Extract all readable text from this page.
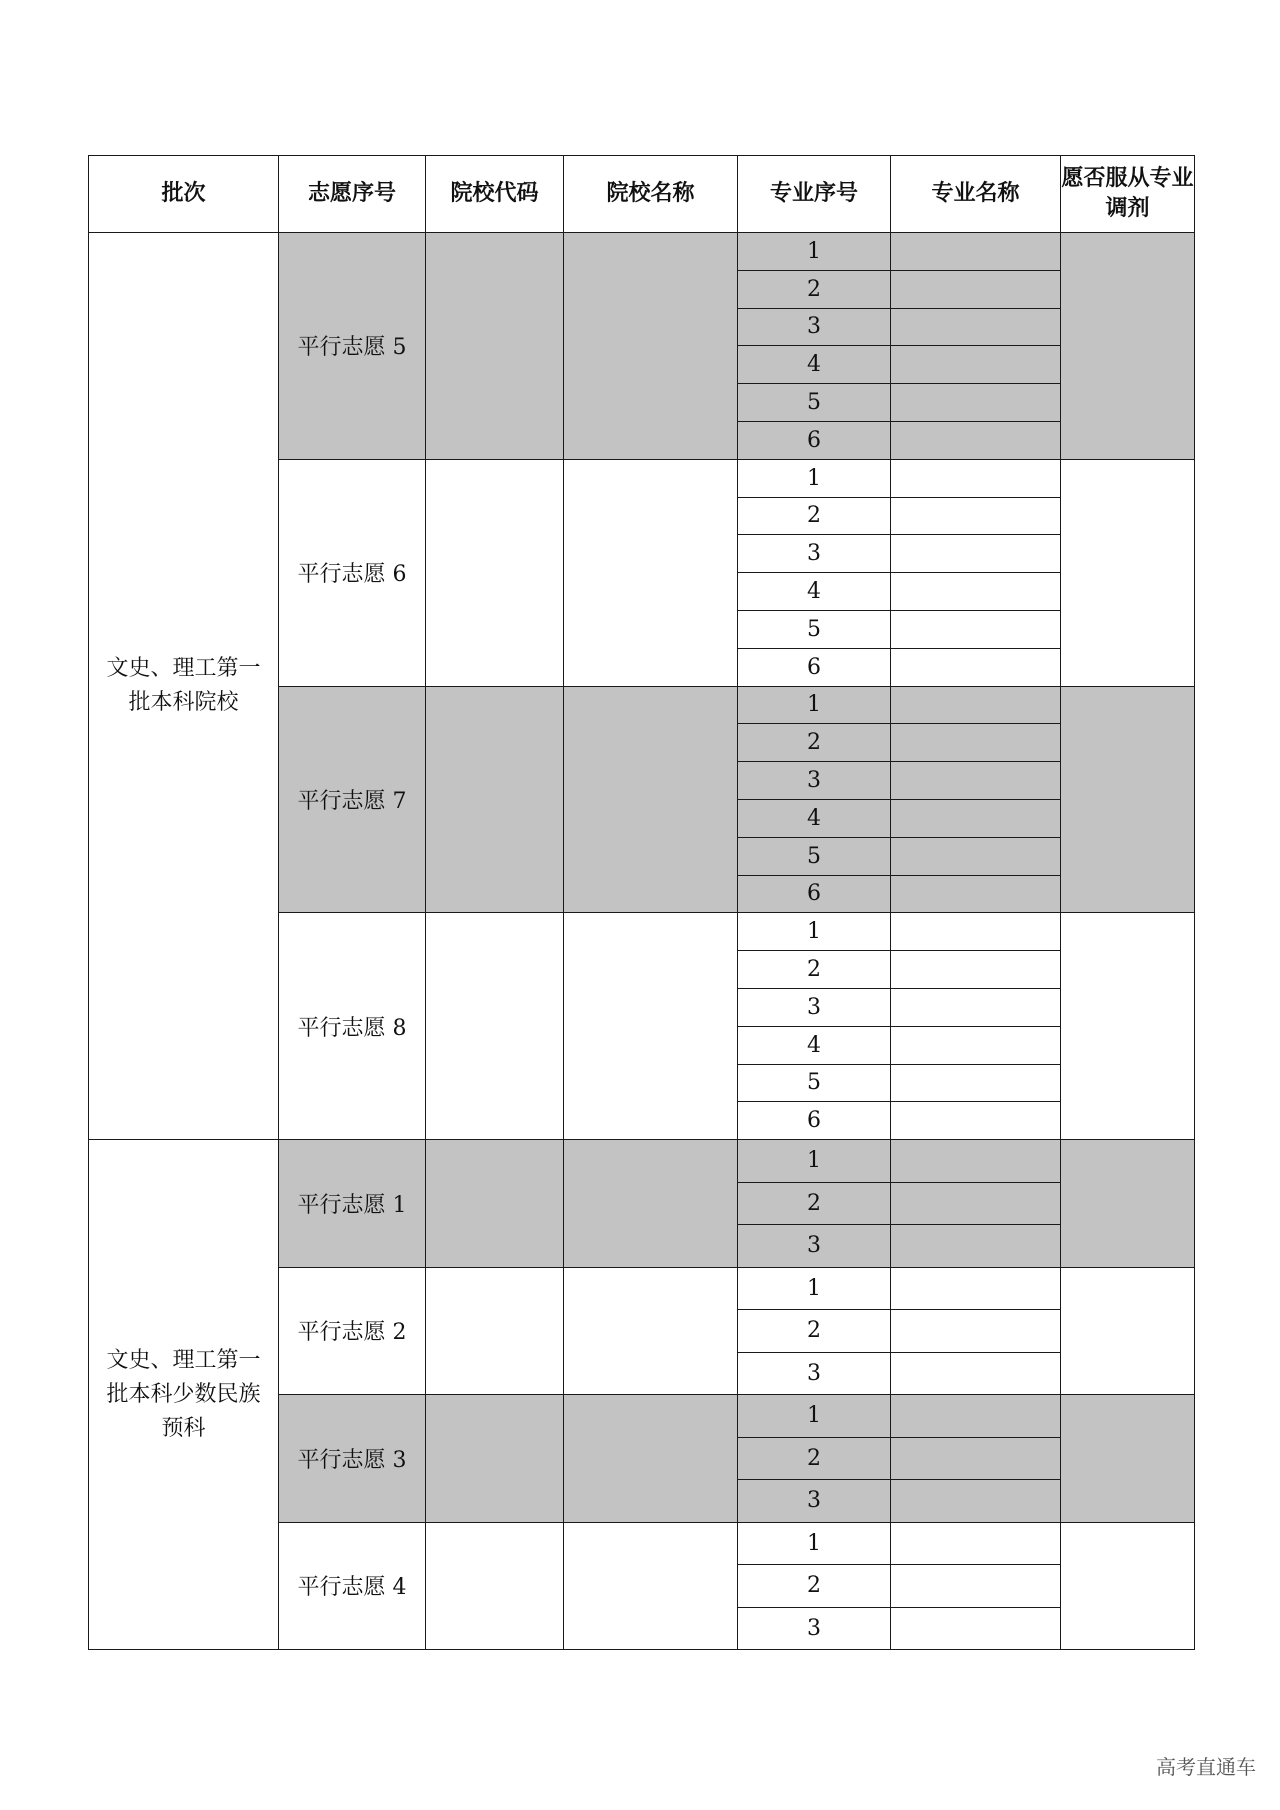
批次	志愿序号	院校代码	院校名称	专业序号	专业名称	愿否服从专业调剂
文史、理工第一批本科院校	平行志愿 5			1		
				2		
				3		
				4		
				5		
				6		
	平行志愿 6			1		
				2		
				3		
				4		
				5		
				6		
	平行志愿 7			1		
				2		
				3		
				4		
				5		
				6		
	平行志愿 8			1		
				2		
				3		
				4		
				5		
				6		
文史、理工第一批本科少数民族预科	平行志愿 1			1		
				2		
				3		
	平行志愿 2			1		
				2		
				3		
	平行志愿 3			1		
				2		
				3		
	平行志愿 4			1		
				2		
				3		
高考直通车
